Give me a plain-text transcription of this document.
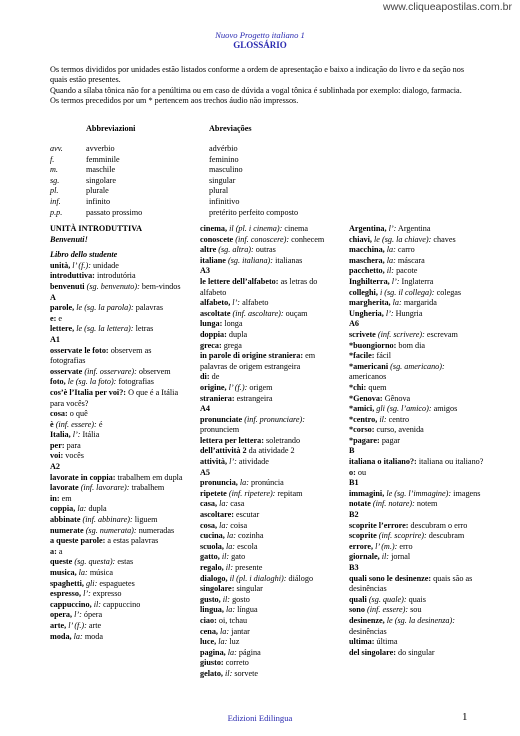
www.cliqueapostilas.com.br
Nuovo Progetto italiano 1
GLOSSÁRIO

Os termos divididos por unidades estão listados conforme a ordem de apresentação e baixo a indicação do livro e da seção nos quais estão presentes.

Quando a sílaba tônica não for a penúltima ou em caso de dúvida a vogal tônica é sublinhada por exemplo: dialogo, farmacia.

Os termos precedidos por um * pertencem aos trechos áudio não impressos.

Abbreviazioni	Abreviações
avv.	avverbio	advérbio
f.	femminile	feminino
m.	maschile	masculino
sg.	singolare	singular
pl.	plurale	plural
inf.	infinito	infinitivo
p.p.	passato prossimo	pretérito perfeito composto
UNITÀ INTRODUTTIVA
Benvenuti!
Libro dello studente
unità, l’ (f.): unidade
introduttiva: introdutória
benvenuti (sg. benvenuto): bem-vindos
A
parole, le (sg. la parola): palavras
e: e
lettere, le (sg. la lettera): letras
A1
osservate le foto: observem as fotografias
osservate (inf. osservare): observem
foto, le (sg. la foto): fotografias
cos’è l’Italia per voi?: O que é a Itália para vocês?
cosa: o quê
è (inf. essere): é
Italia, l’: Itália
per: para
voi: vocês
A2
lavorate in coppia: trabalhem em dupla
lavorate (inf. lavorare): trabalhem
in: em
coppia, la: dupla
abbinate (inf. abbinare): liguem
numerate (sg. numerata): numeradas
a queste parole: a estas palavras
a: a
queste (sg. questa): estas
musica, la: música
spaghetti, gli: espaguetes
espresso, l’: expresso
cappuccino, il: cappuccino
opera, l’: ópera
arte, l’ (f.): arte
moda, la: moda
cinema, il (pl. i cinema): cinema
conoscete (inf. conoscere): conhecem
altre (sg. altra): outras
italiane (sg. italiana): italianas
A3
le lettere dell’alfabeto: as letras do alfabeto
alfabeto, l’: alfabeto
ascoltate (inf. ascoltare): ouçam
lunga: longa
doppia: dupla
greca: grega
in parole di origine straniera: em palavras de origem estrangeira
di: de
origine, l’ (f.): origem
straniera: estrangeira
A4
pronunciate (inf. pronunciare): pronunciem
lettera per lettera: soletrando
dell’attività 2 da atividade 2
attività, l’: atividade
A5
pronuncia, la: pronúncia
ripetete (inf. ripetere): repitam
casa, la: casa
ascoltare: escutar
cosa, la: coisa
cucina, la: cozinha
scuola, la: escola
gatto, il: gato
regalo, il: presente
dialogo, il (pl. i dialoghi): diálogo
singolare: singular
gusto, il: gosto
lingua, la: língua
ciao: oi, tchau
cena, la: jantar
luce, la: luz
pagina, la: página
giusto: correto
gelato, il: sorvete
Argentina, l’: Argentina
chiavi, le (sg. la chiave): chaves
macchina, la: carro
maschera, la: máscara
pacchetto, il: pacote
Inghilterra, l’: Inglaterra
colleghi, i (sg. il collega): colegas
margherita, la: margarida
Ungheria, l’: Hungria
A6
scrivete (inf. scrivere): escrevam
*buongiorno: bom dia
*facile: fácil
*americani (sg. americano): americanos
*chi: quem
*Genova: Gênova
*amici, gli (sg. l’amico): amigos
*centro, il: centro
*corso: curso, avenida
*pagare: pagar
B
italiana o italiano?: italiana ou italiano?
o: ou
B1
immagini, le (sg. l’immagine): imagens
notate (inf. notare): notem
B2
scoprite l’errore: descubram o erro
scoprite (inf. scoprire): descubram
errore, l’ (m.): erro
giornale, il: jornal
B3
quali sono le desinenze: quais são as desinências
quali (sg. quale): quais
sono (inf. essere): sou
desinenze, le (sg. la desinenza): desinências
ultima: última
del singolare: do singular
Edizioni Edilingua	1
